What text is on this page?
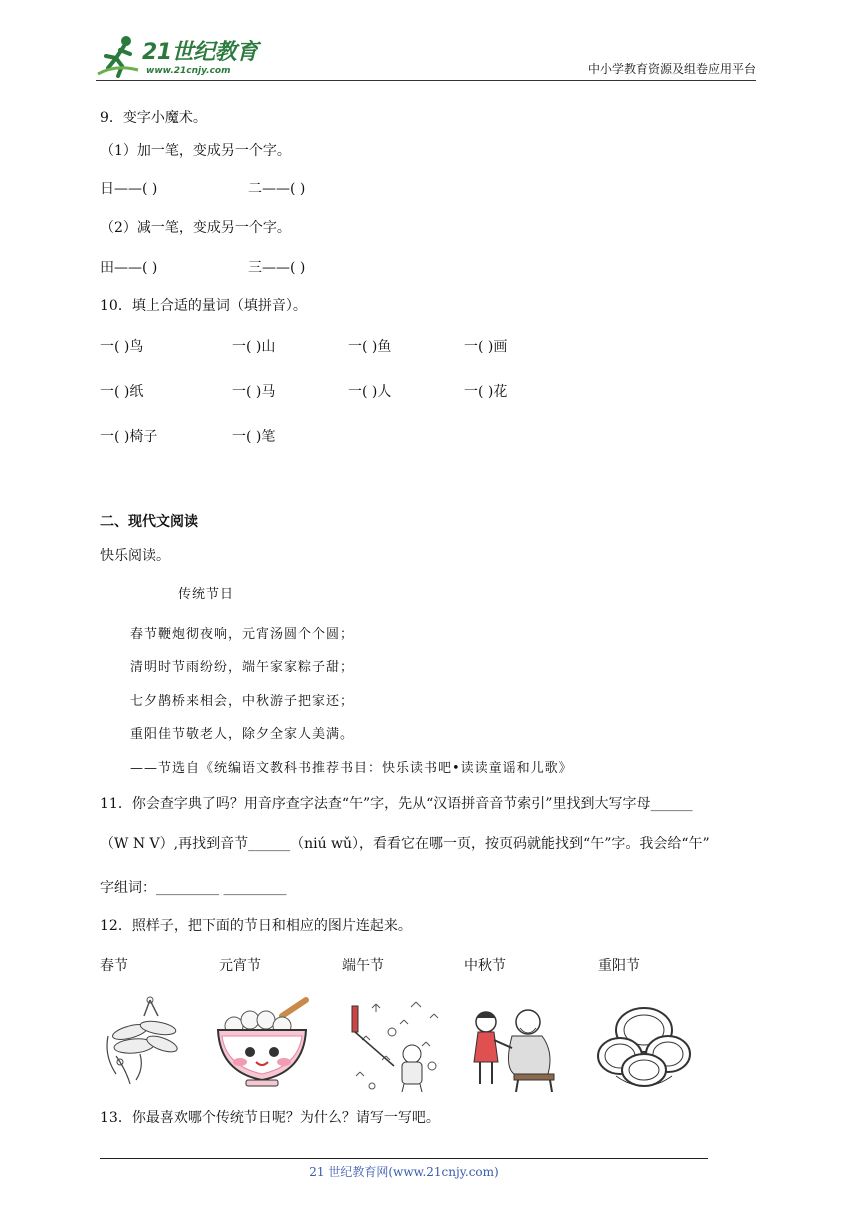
21世纪教育
www.21cnjy.com	中小学教育资源及组卷应用平台
9．变字小魔术。
（1）加一笔，变成另一个字。
日——( )	二——( )
（2）减一笔，变成另一个字。
田——( )	三——( )
10．填上合适的量词（填拼音）。
一( )鸟	一( )山	一( )鱼	一( )画
一( )纸	一( )马	一( )人	一( )花
一( )椅子	一( )笔
二、现代文阅读
快乐阅读。
传统节日
春节鞭炮彻夜响，元宵汤圆个个圆；
清明时节雨纷纷，端午家家粽子甜；
七夕鹊桥来相会，中秋游子把家还；
重阳佳节敬老人，除夕全家人美满。
——节选自《统编语文教科书推荐书目：快乐读书吧•读读童谣和儿歌》
11．你会查字典了吗？用音序查字法查“午”字，先从“汉语拼音音节索引”里找到大写字母______
（W N V）,再找到音节______（niú wǔ），看看它在哪一页，按页码就能找到“午”字。我会给“午”
字组词：_________ _________
12．照样子，把下面的节日和相应的图片连起来。
春节	元宵节	端午节	中秋节	重阳节
13．你最喜欢哪个传统节日呢？为什么？请写一写吧。
21 世纪教育网(www.21cnjy.com)
